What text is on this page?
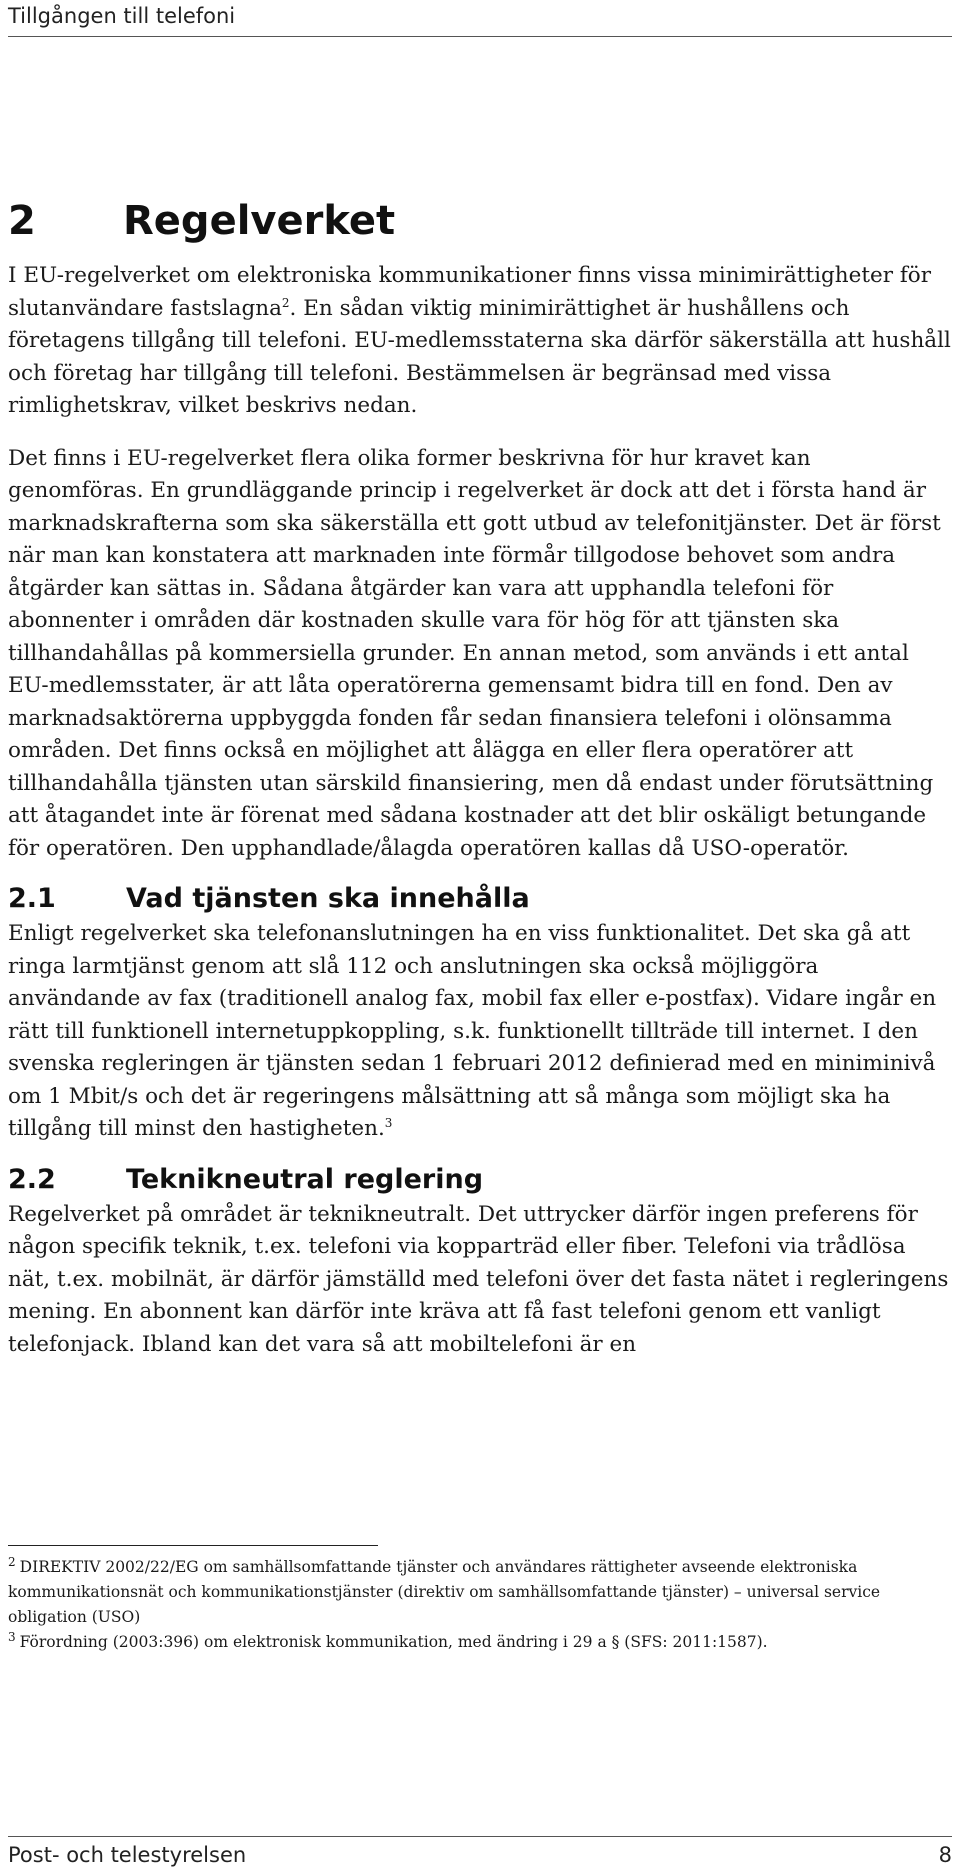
Tillgången till telefoni
2 Regelverket

I EU-regelverket om elektroniska kommunikationer finns vissa minimirättigheter för slutanvändare fastslagna$^2$. En sådan viktig minimirättighet är hushållens och företagens tillgång till telefoni. EU-medlemsstaterna ska därför säkerställa att hushåll och företag har tillgång till telefoni. Bestämmelsen är begränsad med vissa rimlighetskrav, vilket beskrivs nedan.

Det finns i EU-regelverket flera olika former beskrivna för hur kravet kan genomföras. En grundläggande princip i regelverket är dock att det i första hand är marknadskrafterna som ska säkerställa ett gott utbud av telefonitjänster. Det är först när man kan konstatera att marknaden inte förmår tillgodose behovet som andra åtgärder kan sättas in. Sådana åtgärder kan vara att upphandla telefoni för abonnenter i områden där kostnaden skulle vara för hög för att tjänsten ska tillhandahållas på kommersiella grunder. En annan metod, som används i ett antal EU-medlemsstater, är att låta operatörerna gemensamt bidra till en fond. Den av marknadsaktörerna uppbyggda fonden får sedan finansiera telefoni i olönsamma områden. Det finns också en möjlighet att ålägga en eller flera operatörer att tillhandahålla tjänsten utan särskild finansiering, men då endast under förutsättning att åtagandet inte är förenat med sådana kostnader att det blir oskäligt betungande för operatören. Den upphandlade/ålagda operatören kallas då USO-operatör.

2.1	Vad tjänsten ska innehålla

Enligt regelverket ska telefonanslutningen ha en viss funktionalitet. Det ska gå att ringa larmtjänst genom att slå 112 och anslutningen ska också möjliggöra användande av fax (traditionell analog fax, mobil fax eller e-postfax). Vidare ingår en rätt till funktionell internetuppkoppling, s.k. funktionellt tillträde till internet. I den svenska regleringen är tjänsten sedan 1 februari 2012 definierad med en miniminivå om 1 Mbit/s och det är regeringens målsättning att så många som möjligt ska ha tillgång till minst den hastigheten.$^3$

2.2	Teknikneutral reglering

Regelverket på området är teknikneutralt. Det uttrycker därför ingen preferens för någon specifik teknik, t.ex. telefoni via kopparträd eller fiber. Telefoni via trådlösa nät, t.ex. mobilnät, är därför jämställd med telefoni över det fasta nätet i regleringens mening. En abonnent kan därför inte kräva att få fast telefoni genom ett vanligt telefonjack. Ibland kan det vara så att mobiltelefoni är en

$^2$ DIREKTIV 2002/22/EG om samhällsomfattande tjänster och användares rättigheter avseende elektroniska kommunikationsnät och kommunikationstjänster (direktiv om samhällsomfattande tjänster) – universal service obligation (USO)

$^3$ Förordning (2003:396) om elektronisk kommunikation, med ändring i 29 a § (SFS: 2011:1587).

Post- och telestyrelsen	8
